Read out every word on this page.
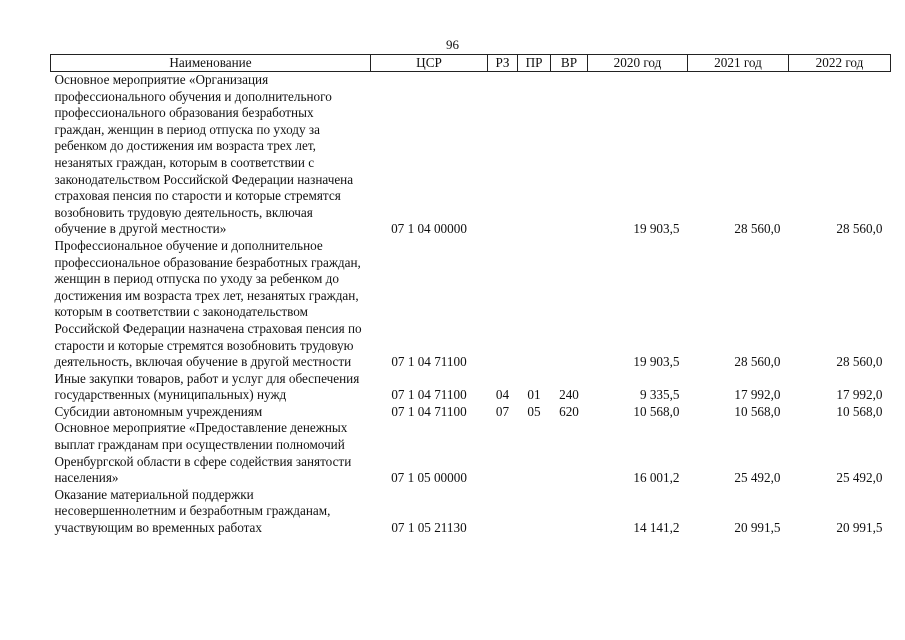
96
Наименование	ЦСР	РЗ	ПР	ВР	2020 год	2021 год	2022 год
Основное мероприятие «Организация профессионального обучения и дополнительного профессионального образования безработных граждан, женщин в период отпуска по уходу за ребенком до достижения им возраста трех лет, незанятых граждан, которым в соответствии с законодательством Российской Федерации назначена страховая пенсия по старости и которые стремятся возобновить трудовую деятельность, включая обучение в другой местности»	07 1 04 00000				19 903,5	28 560,0	28 560,0
Профессиональное обучение и дополнительное профессиональное образование безработных граждан, женщин в период отпуска по уходу за ребенком до достижения им возраста трех лет, незанятых граждан, которым в соответствии с законодательством Российской Федерации назначена страховая пенсия по старости и которые стремятся возобновить трудовую деятельность, включая обучение в другой местности	07 1 04 71100				19 903,5	28 560,0	28 560,0
Иные закупки товаров, работ и услуг для обеспечения государственных (муниципальных) нужд	07 1 04 71100	04	01	240	9 335,5	17 992,0	17 992,0
Субсидии автономным учреждениям	07 1 04 71100	07	05	620	10 568,0	10 568,0	10 568,0
Основное мероприятие «Предоставление денежных выплат гражданам при осуществлении полномочий Оренбургской области в сфере содействия занятости населения»	07 1 05 00000				16 001,2	25 492,0	25 492,0
Оказание материальной поддержки несовершеннолетним и безработным гражданам, участвующим во временных работах	07 1 05 21130				14 141,2	20 991,5	20 991,5
